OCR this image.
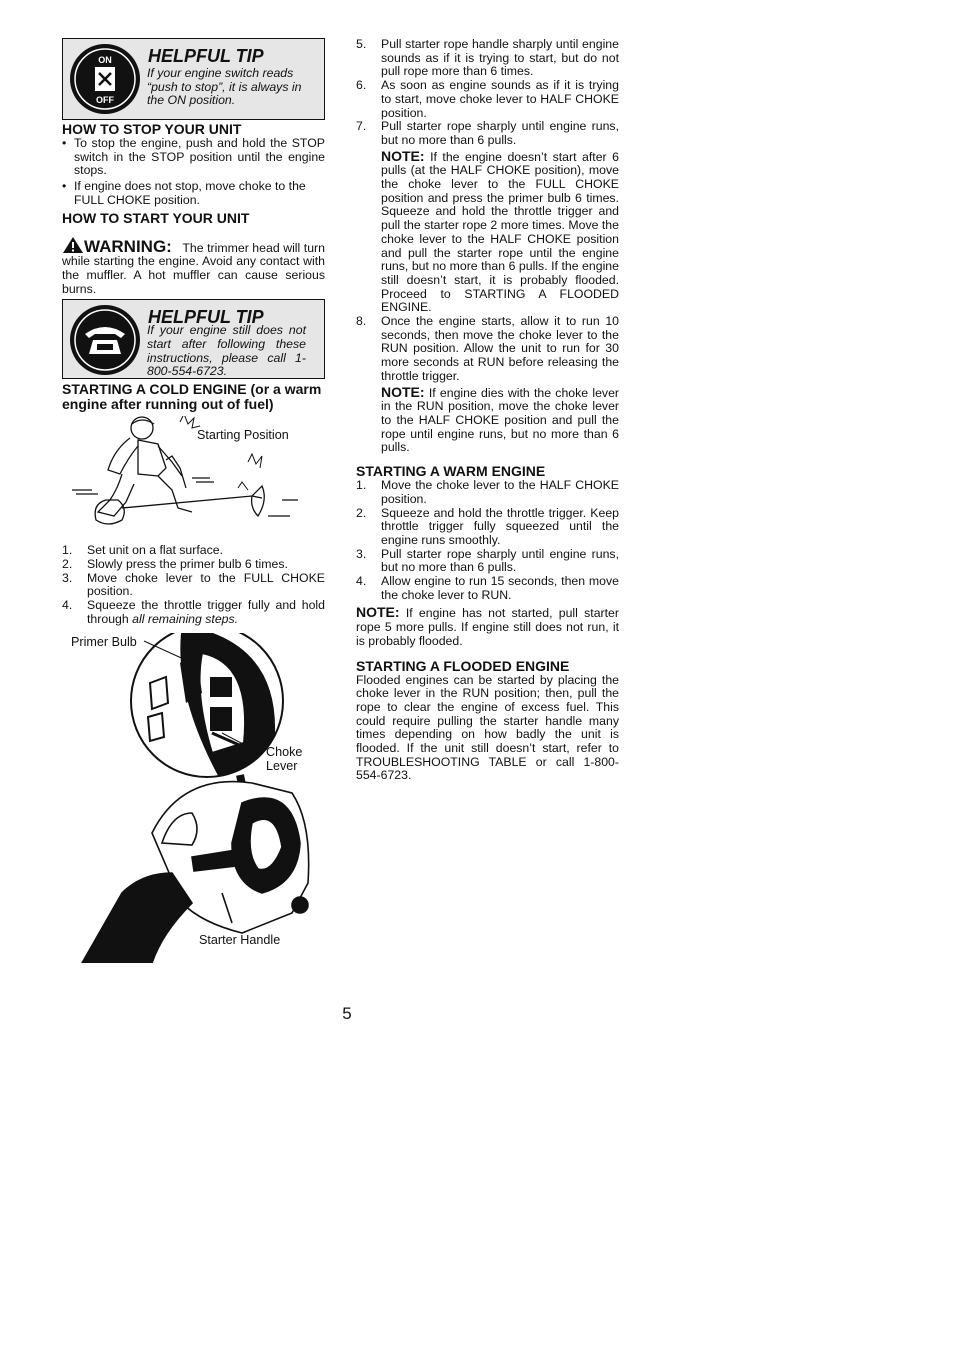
ON
OFF
HELPFUL TIP
If your engine switch reads “push to stop”, it is always in the ON position.
HOW TO STOP YOUR UNIT
• To stop the engine, push and hold the STOP switch in the STOP position until the engine stops.
• If engine does not stop, move choke to the FULL CHOKE position.
HOW TO START YOUR UNIT

WARNING: The trimmer head will turn while starting the engine. Avoid any contact with the muffler. A hot muffler can cause serious burns.

HELPFUL TIP
If your engine still does not start after following these instructions, please call 1-800-554-6723.
STARTING A COLD ENGINE (or a warm engine after running out of fuel)
Starting Position
1. Set unit on a flat surface.
2. Slowly press the primer bulb 6 times.
3. Move choke lever to the FULL CHOKE position.
4. Squeeze the throttle trigger fully and hold through all remaining steps.
Primer Bulb
Choke
Lever
Starter Handle
5. Pull starter rope handle sharply until engine sounds as if it is trying to start, but do not pull rope more than 6 times.
6. As soon as engine sounds as if it is trying to start, move choke lever to HALF CHOKE position.
7. Pull starter rope sharply until engine runs, but no more than 6 pulls.
NOTE: If the engine doesn’t start after 6 pulls (at the HALF CHOKE position), move the choke lever to the FULL CHOKE position and press the primer bulb 6 times. Squeeze and hold the throttle trigger and pull the starter rope 2 more times. Move the choke lever to the HALF CHOKE position and pull the starter rope until the engine runs, but no more than 6 pulls. If the engine still doesn’t start, it is probably flooded. Proceed to STARTING A FLOODED ENGINE.
8. Once the engine starts, allow it to run 10 seconds, then move the choke lever to the RUN position. Allow the unit to run for 30 more seconds at RUN before releasing the throttle trigger.
NOTE: If engine dies with the choke lever in the RUN position, move the choke lever to the HALF CHOKE position and pull the rope until engine runs, but no more than 6 pulls.
STARTING A WARM ENGINE
1. Move the choke lever to the HALF CHOKE position.
2. Squeeze and hold the throttle trigger. Keep throttle trigger fully squeezed until the engine runs smoothly.
3. Pull starter rope sharply until engine runs, but no more than 6 pulls.
4. Allow engine to run 15 seconds, then move the choke lever to RUN.

NOTE: If engine has not started, pull starter rope 5 more pulls. If engine still does not run, it is probably flooded.

STARTING A FLOODED ENGINE

Flooded engines can be started by placing the choke lever in the RUN position; then, pull the rope to clear the engine of excess fuel. This could require pulling the starter handle many times depending on how badly the unit is flooded. If the unit still doesn’t start, refer to TROUBLESHOOTING TABLE or call 1-800-554-6723.

5
